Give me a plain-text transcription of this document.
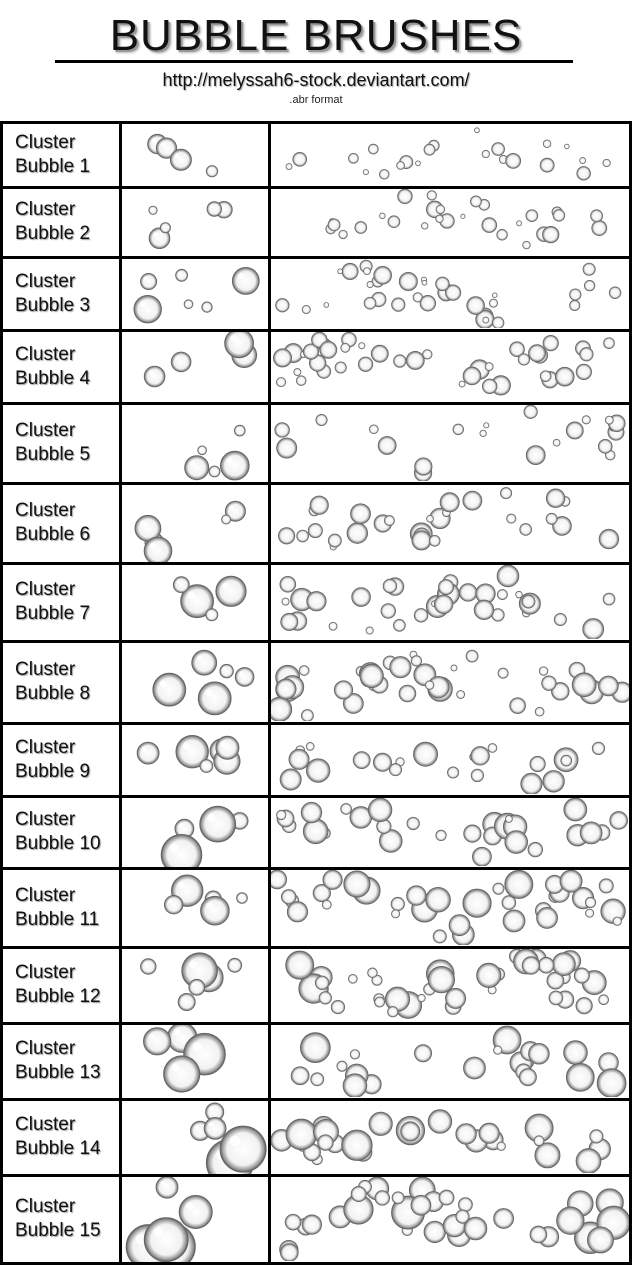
BUBBLE BRUSHES
http://melyssah6-stock.deviantart.com/
.abr format
Cluster
Bubble 1

Cluster
Bubble 2

Cluster
Bubble 3

Cluster
Bubble 4

Cluster
Bubble 5

Cluster
Bubble 6

Cluster
Bubble 7

Cluster
Bubble 8

Cluster
Bubble 9

Cluster
Bubble 10

Cluster
Bubble 11

Cluster
Bubble 12

Cluster
Bubble 13

Cluster
Bubble 14

Cluster
Bubble 15
